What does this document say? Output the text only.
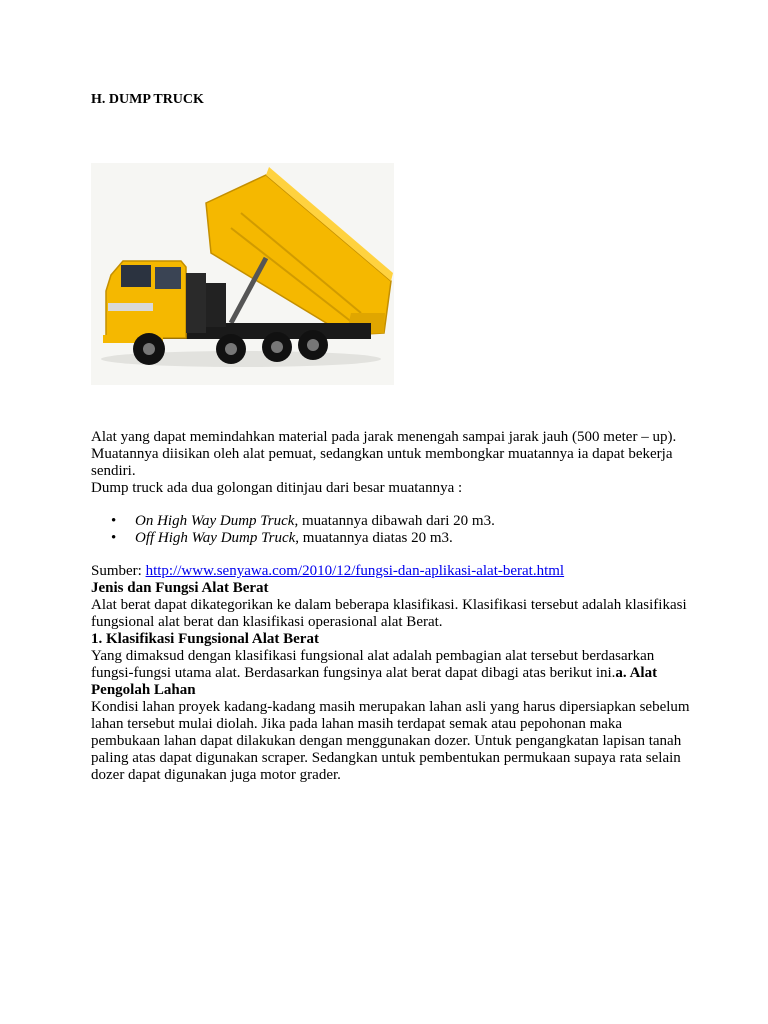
H. DUMP TRUCK

Alat yang dapat memindahkan material pada jarak menengah sampai jarak jauh (500 meter – up). Muatannya diisikan oleh alat pemuat, sedangkan untuk membongkar muatannya ia dapat bekerja sendiri.

Dump truck ada dua golongan ditinjau dari besar muatannya :

• On High Way Dump Truck, muatannya dibawah dari 20 m3.
• Off High Way Dump Truck, muatannya diatas 20 m3.

Sumber: http://www.senyawa.com/2010/12/fungsi-dan-aplikasi-alat-berat.html

Jenis dan Fungsi Alat Berat

Alat berat dapat dikategorikan ke dalam beberapa klasifikasi. Klasifikasi tersebut adalah klasifikasi fungsional alat berat dan klasifikasi operasional alat Berat.

1. Klasifikasi Fungsional Alat Berat

Yang dimaksud dengan klasifikasi fungsional alat adalah pembagian alat tersebut berdasarkan fungsi-fungsi utama alat. Berdasarkan fungsinya alat berat dapat dibagi atas berikut ini.a. Alat Pengolah Lahan

Kondisi lahan proyek kadang-kadang masih merupakan lahan asli yang harus dipersiapkan sebelum lahan tersebut mulai diolah. Jika pada lahan masih terdapat semak atau pepohonan maka pembukaan lahan dapat dilakukan dengan menggunakan dozer. Untuk pengangkatan lapisan tanah paling atas dapat digunakan scraper. Sedangkan untuk pembentukan permukaan supaya rata selain dozer dapat digunakan juga motor grader.
